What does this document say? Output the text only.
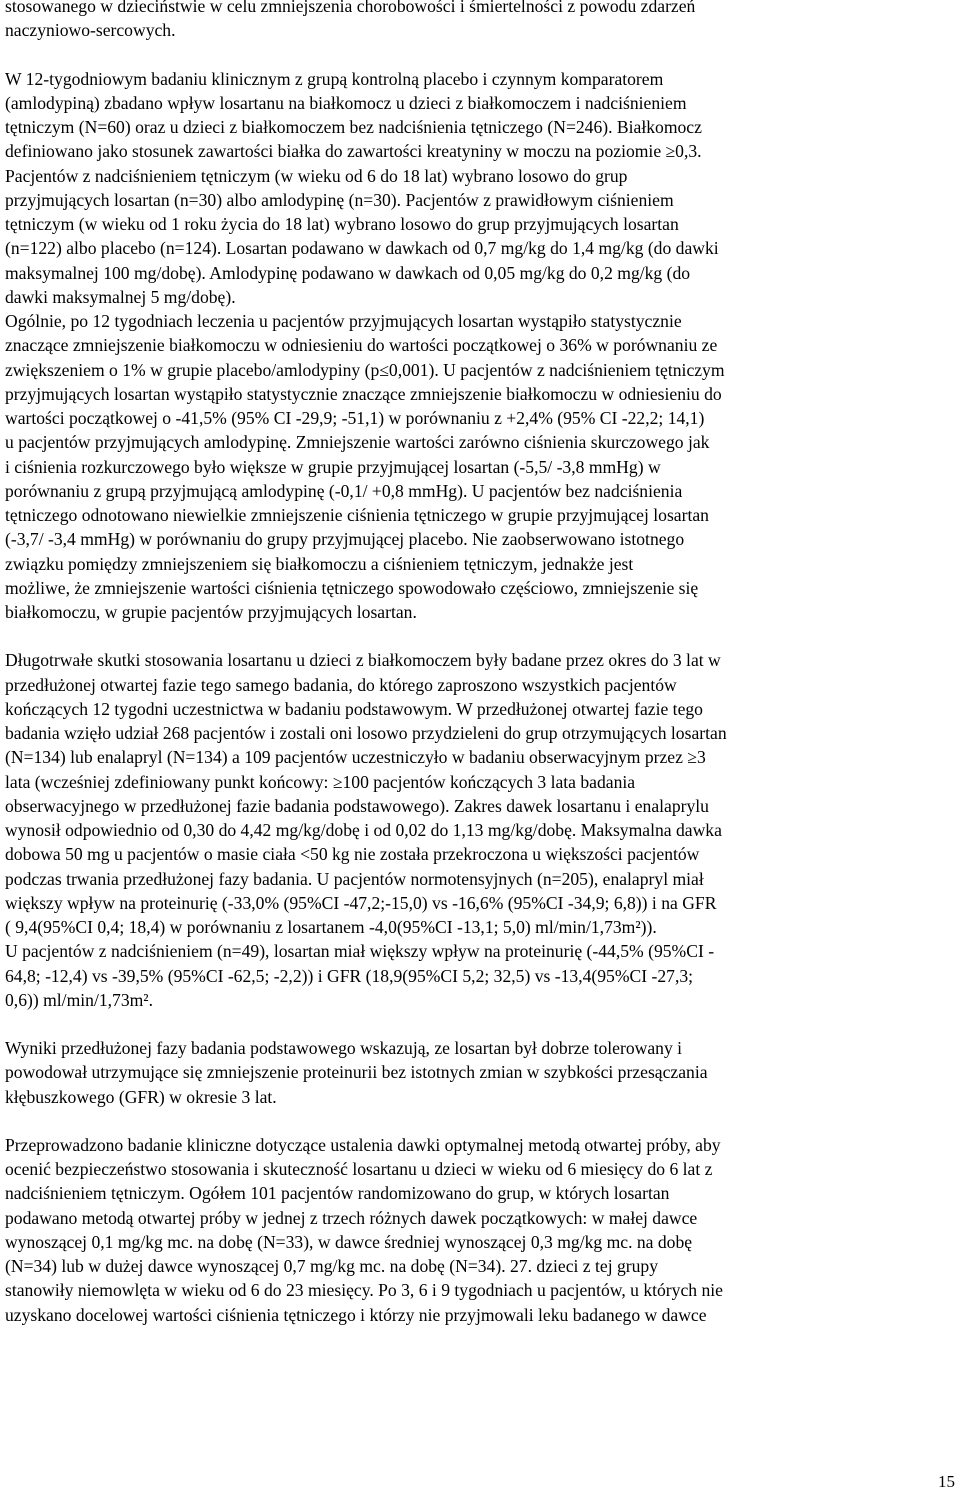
stosowanego w dzieciństwie w celu zmniejszenia chorobowości i śmiertelności z powodu zdarzeń
naczyniowo-sercowych.
W 12-tygodniowym badaniu klinicznym z grupą kontrolną placebo i czynnym komparatorem
(amlodypiną) zbadano wpływ losartanu na białkomocz u dzieci z białkomoczem i nadciśnieniem
tętniczym (N=60) oraz u dzieci z białkomoczem bez nadciśnienia tętniczego (N=246). Białkomocz
definiowano jako stosunek zawartości białka do zawartości kreatyniny w moczu na poziomie ≥0,3.
Pacjentów z nadciśnieniem tętniczym (w wieku od 6 do 18 lat) wybrano losowo do grup
przyjmujących losartan (n=30) albo amlodypinę (n=30). Pacjentów z prawidłowym ciśnieniem
tętniczym (w wieku od 1 roku życia do 18 lat) wybrano losowo do grup przyjmujących losartan
(n=122) albo placebo (n=124). Losartan podawano w dawkach od 0,7 mg/kg do 1,4 mg/kg (do dawki
maksymalnej 100 mg/dobę). Amlodypinę podawano w dawkach od 0,05 mg/kg do 0,2 mg/kg (do
dawki maksymalnej 5 mg/dobę).
Ogólnie, po 12 tygodniach leczenia u pacjentów przyjmujących losartan wystąpiło statystycznie
znaczące zmniejszenie białkomoczu w odniesieniu do wartości początkowej o 36% w porównaniu ze
zwiększeniem o 1% w grupie placebo/amlodypiny (p≤0,001). U pacjentów z nadciśnieniem tętniczym
przyjmujących losartan wystąpiło statystycznie znaczące zmniejszenie białkomoczu w odniesieniu do
wartości początkowej o -41,5% (95% CI -29,9; -51,1) w porównaniu z +2,4% (95% CI -22,2; 14,1)
u pacjentów przyjmujących amlodypinę. Zmniejszenie wartości zarówno ciśnienia skurczowego jak
i ciśnienia rozkurczowego było większe w grupie przyjmującej losartan (-5,5/ -3,8 mmHg) w
porównaniu z grupą przyjmującą amlodypinę (-0,1/ +0,8 mmHg). U pacjentów bez nadciśnienia
tętniczego odnotowano niewielkie zmniejszenie ciśnienia tętniczego w grupie przyjmującej losartan
(-3,7/ -3,4 mmHg) w porównaniu do grupy przyjmującej placebo. Nie zaobserwowano istotnego
związku pomiędzy zmniejszeniem się białkomoczu a ciśnieniem tętniczym, jednakże jest
możliwe, że zmniejszenie wartości ciśnienia tętniczego spowodowało częściowo, zmniejszenie się
białkomoczu, w grupie pacjentów przyjmujących losartan.
Długotrwałe skutki stosowania losartanu u dzieci z białkomoczem były badane przez okres do 3 lat w
przedłużonej otwartej fazie tego samego badania, do którego zaproszono wszystkich pacjentów
kończących 12 tygodni uczestnictwa w badaniu podstawowym. W przedłużonej otwartej fazie tego
badania wzięło udział 268 pacjentów i zostali oni losowo przydzieleni do grup otrzymujących losartan
(N=134) lub enalapryl (N=134) a 109 pacjentów uczestniczyło w badaniu obserwacyjnym przez ≥3
lata (wcześniej zdefiniowany punkt końcowy: ≥100 pacjentów kończących 3 lata badania
obserwacyjnego w przedłużonej fazie badania podstawowego). Zakres dawek losartanu i enalaprylu
wynosił odpowiednio od 0,30 do 4,42 mg/kg/dobę i od 0,02 do 1,13 mg/kg/dobę. Maksymalna dawka
dobowa 50 mg u pacjentów o masie ciała <50 kg nie została przekroczona u większości pacjentów
podczas trwania przedłużonej fazy badania. U pacjentów normotensyjnych (n=205), enalapryl miał
większy wpływ na proteinurię (-33,0% (95%CI -47,2;-15,0) vs -16,6% (95%CI -34,9; 6,8)) i na GFR
( 9,4(95%CI 0,4; 18,4) w porównaniu z losartanem -4,0(95%CI -13,1; 5,0) ml/min/1,73m²)).
U pacjentów z nadciśnieniem (n=49), losartan miał większy wpływ na proteinurię (-44,5% (95%CI -
64,8; -12,4) vs -39,5% (95%CI -62,5; -2,2)) i GFR (18,9(95%CI 5,2; 32,5) vs -13,4(95%CI -27,3;
0,6)) ml/min/1,73m².
Wyniki przedłużonej fazy badania podstawowego wskazują, ze losartan był dobrze tolerowany i
powodował utrzymujące się zmniejszenie proteinurii bez istotnych zmian w szybkości przesączania
kłębuszkowego (GFR) w okresie 3 lat.
Przeprowadzono badanie kliniczne dotyczące ustalenia dawki optymalnej metodą otwartej próby, aby
ocenić bezpieczeństwo stosowania i skuteczność losartanu u dzieci w wieku od 6 miesięcy do 6 lat z
nadciśnieniem tętniczym. Ogółem 101 pacjentów randomizowano do grup, w których losartan
podawano metodą otwartej próby w jednej z trzech różnych dawek początkowych: w małej dawce
wynoszącej 0,1 mg/kg mc. na dobę (N=33), w dawce średniej wynoszącej 0,3 mg/kg mc. na dobę
(N=34) lub w dużej dawce wynoszącej 0,7 mg/kg mc. na dobę (N=34). 27. dzieci z tej grupy
stanowiły niemowlęta w wieku od 6 do 23 miesięcy. Po 3, 6 i 9 tygodniach u pacjentów, u których nie
uzyskano docelowej wartości ciśnienia tętniczego i którzy nie przyjmowali leku badanego w dawce
15
